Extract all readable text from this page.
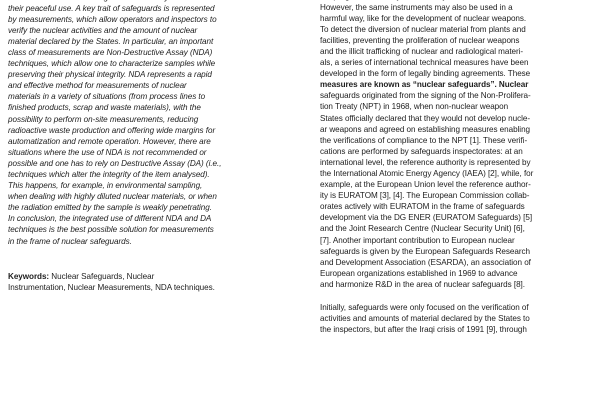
their peaceful use. A key trait of safeguards is represented
by measurements, which allow operators and inspectors to
verify the nuclear activities and the amount of nuclear
material declared by the States. In particular, an important
class of measurements are Non-Destructive Assay (NDA)
techniques, which allow one to characterize samples while
preserving their physical integrity. NDA represents a rapid
and effective method for measurements of nuclear
materials in a variety of situations (from process lines to
finished products, scrap and waste materials), with the
possibility to perform on-site measurements, reducing
radioactive waste production and offering wide margins for
automatization and remote operation. However, there are
situations where the use of NDA is not recommended or
possible and one has to rely on Destructive Assay (DA) (i.e.,
techniques which alter the integrity of the item analysed).
This happens, for example, in environmental sampling,
when dealing with highly diluted nuclear materials, or when
the radiation emitted by the sample is weakly penetrating.
In conclusion, the integrated use of different NDA and DA
techniques is the best possible solution for measurements
in the frame of nuclear safeguards.

Keywords: Nuclear Safeguards, Nuclear
Instrumentation, Nuclear Measurements, NDA techniques.

However, the same instruments may also be used in a
harmful way, like for the development of nuclear weapons.
To detect the diversion of nuclear material from plants and
facilities, preventing the proliferation of nuclear weapons
and the illicit trafficking of nuclear and radiological materi-
als, a series of international technical measures have been
developed in the form of legally binding agreements. These
measures are known as “nuclear safeguards”. Nuclear
safeguards originated from the signing of the Non-Prolifera-
tion Treaty (NPT) in 1968, when non-nuclear weapon
States officially declared that they would not develop nucle-
ar weapons and agreed on establishing measures enabling
the verifications of compliance to the NPT [1]. These verifi-
cations are performed by safeguards inspectorates: at an
international level, the reference authority is represented by
the International Atomic Energy Agency (IAEA) [2], while, for
example, at the European Union level the reference author-
ity is EURATOM [3], [4]. The European Commission collab-
orates actively with EURATOM in the frame of safeguards
development via the DG ENER (EURATOM Safeguards) [5]
and the Joint Research Centre (Nuclear Security Unit) [6],
[7]. Another important contribution to European nuclear
safeguards is given by the European Safeguards Research
and Development Association (ESARDA), an association of
European organizations established in 1969 to advance
and harmonize R&D in the area of nuclear safeguards [8].

Initially, safeguards were only focused on the verification of
activities and amounts of material declared by the States to
the inspectors, but after the Iraqi crisis of 1991 [9], through
